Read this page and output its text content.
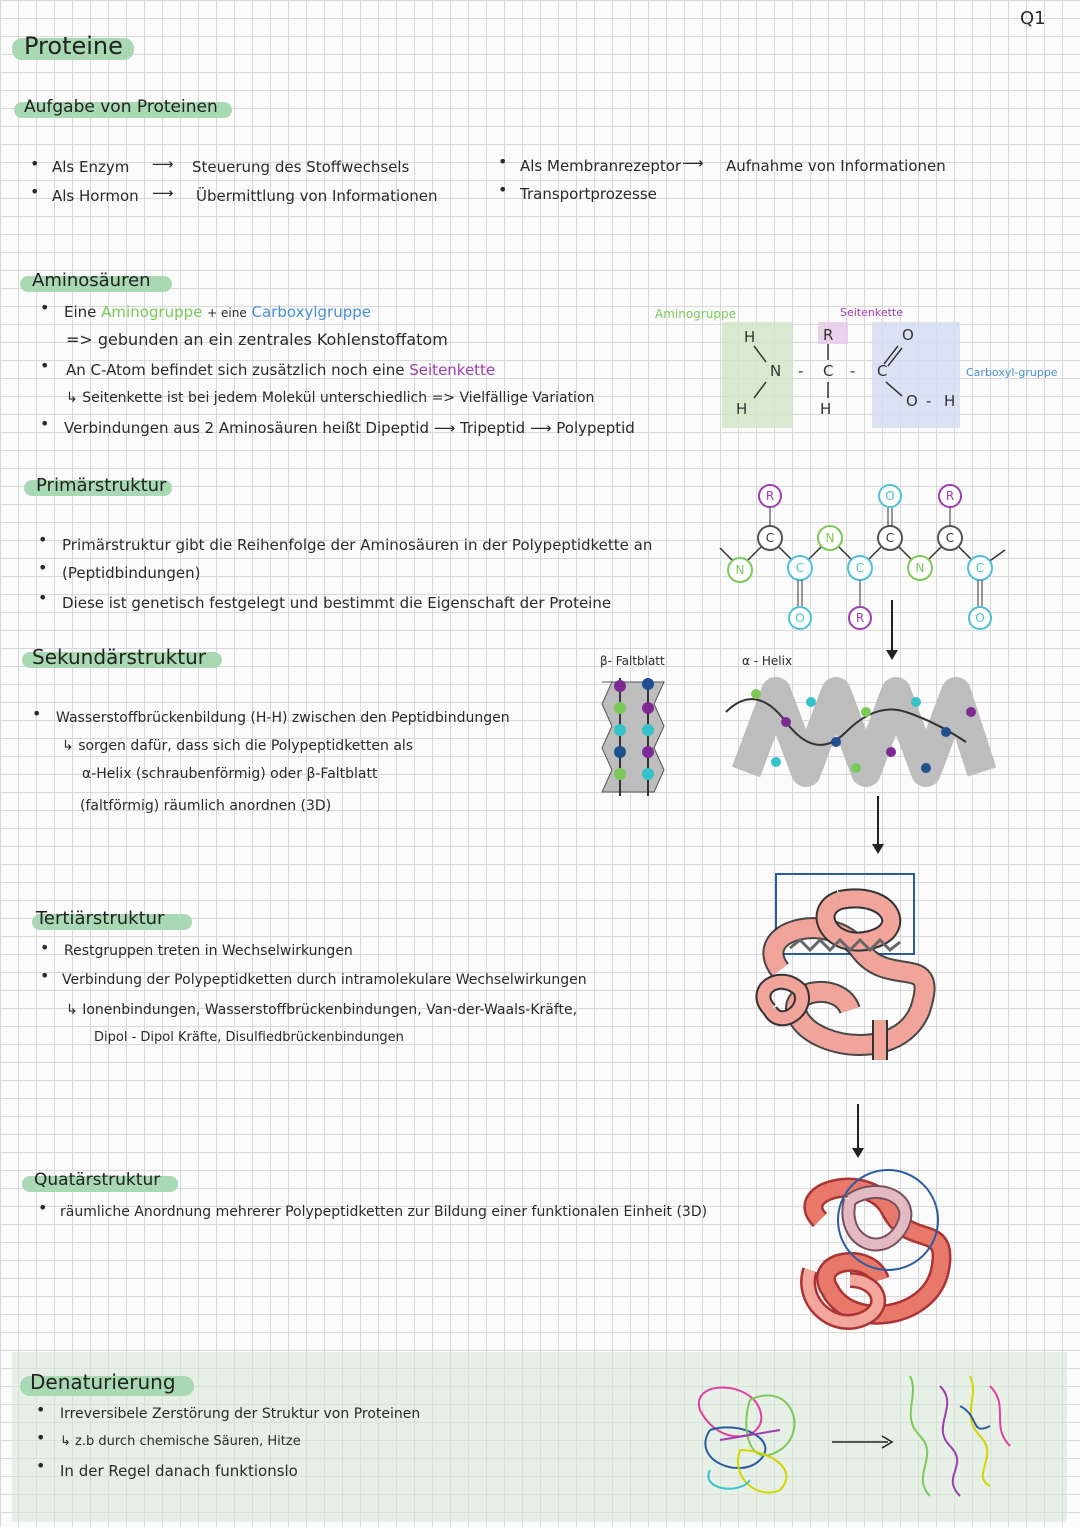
Q1
Proteine
Aufgabe von Proteinen
• Als Enzym ⟶ Steuerung des Stoffwechsels
• Als Hormon ⟶ Übermittlung von Informationen
• Als Membranrezeptor ⟶ Aufnahme von Informationen
• Transportprozesse
Aminosäuren
• Eine Aminogruppe + eine Carboxylgruppe
=> gebunden an ein zentrales Kohlenstoffatom
• An C-Atom befindet sich zusätzlich noch eine Seitenkette
↳ Seitenkette ist bei jedem Molekül unterschiedlich => Vielfällige Variation
• Verbindungen aus 2 Aminosäuren heißt Dipeptid ⟶ Tripeptid ⟶ Polypeptid
Aminogruppe	Seitenkette
Carboxyl-gruppe
H
N
H
-
R
C
H
- C
O
O - H
Primärstruktur
• Primärstruktur gibt die Reihenfolge der Aminosäuren in der Polypeptidkette an
• (Peptidbindungen)
• Diese ist genetisch festgelegt und bestimmt die Eigenschaft der Proteine
N
C
R
C
O
N
C
R
C
O
N
C
R
C
O
Sekundärstruktur
• Wasserstoffbrückenbildung (H-H) zwischen den Peptidbindungen
↳ sorgen dafür, dass sich die Polypeptidketten als
α-Helix (schraubenförmig) oder β-Faltblatt
(faltförmig) räumlich anordnen (3D)
β- Faltblatt	α - Helix
Tertiärstruktur
• Restgruppen treten in Wechselwirkungen
• Verbindung der Polypeptidketten durch intramolekulare Wechselwirkungen
↳ Ionenbindungen, Wasserstoffbrückenbindungen, Van-der-Waals-Kräfte,
Dipol - Dipol Kräfte, Disulfiedbrückenbindungen
Quatärstruktur
• räumliche Anordnung mehrerer Polypeptidketten zur Bildung einer funktionalen Einheit (3D)
Denaturierung
• Irreversibele Zerstörung der Struktur von Proteinen
• ↳ z.b durch chemische Säuren, Hitze
• In der Regel danach funktionslo
